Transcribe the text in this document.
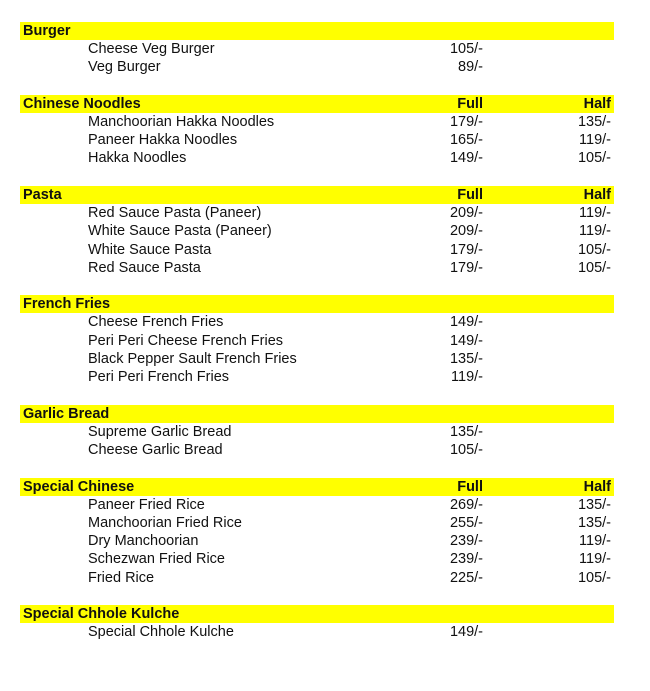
Burger
Cheese Veg Burger	105/-
Veg Burger	89/-
Chinese Noodles	Full	Half
Manchoorian Hakka Noodles	179/-	135/-
Paneer Hakka Noodles	165/-	119/-
Hakka Noodles	149/-	105/-
Pasta	Full	Half
Red Sauce Pasta (Paneer)	209/-	119/-
White Sauce Pasta (Paneer)	209/-	119/-
White Sauce Pasta	179/-	105/-
Red Sauce Pasta	179/-	105/-
French Fries
Cheese French Fries	149/-
Peri Peri Cheese French Fries	149/-
Black Pepper Sault French Fries	135/-
Peri Peri French Fries	119/-
Garlic Bread
Supreme Garlic Bread	135/-
Cheese Garlic Bread	105/-
Special Chinese	Full	Half
Paneer Fried Rice	269/-	135/-
Manchoorian Fried Rice	255/-	135/-
Dry Manchoorian	239/-	119/-
Schezwan Fried Rice	239/-	119/-
Fried Rice	225/-	105/-
Special Chhole Kulche
Special Chhole Kulche	149/-
